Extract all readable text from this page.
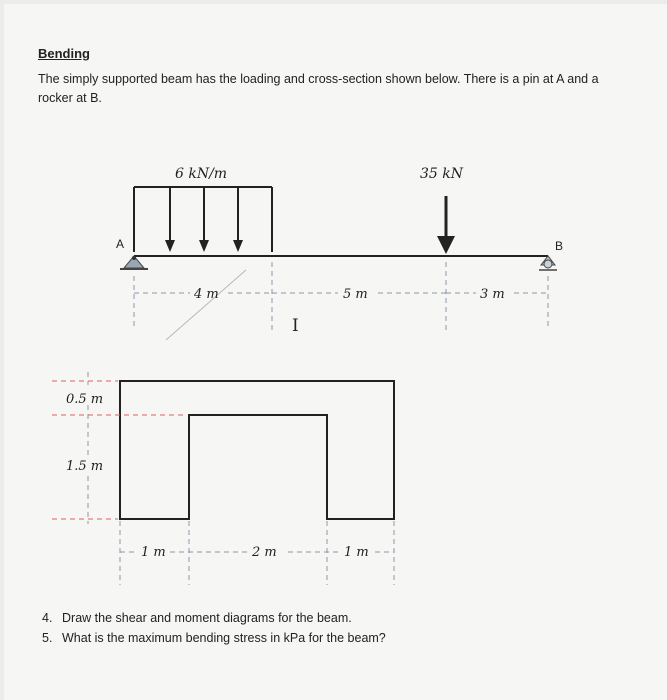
Bending
The simply supported beam has the loading and cross-section shown below. There is a pin at A and a rocker at B.
6 kN/m	35 kN
A	B
4 m	5 m	3 m
I
0.5 m
1.5 m
1 m	2 m	1 m
4. Draw the shear and moment diagrams for the beam.
5. What is the maximum bending stress in kPa for the beam?
